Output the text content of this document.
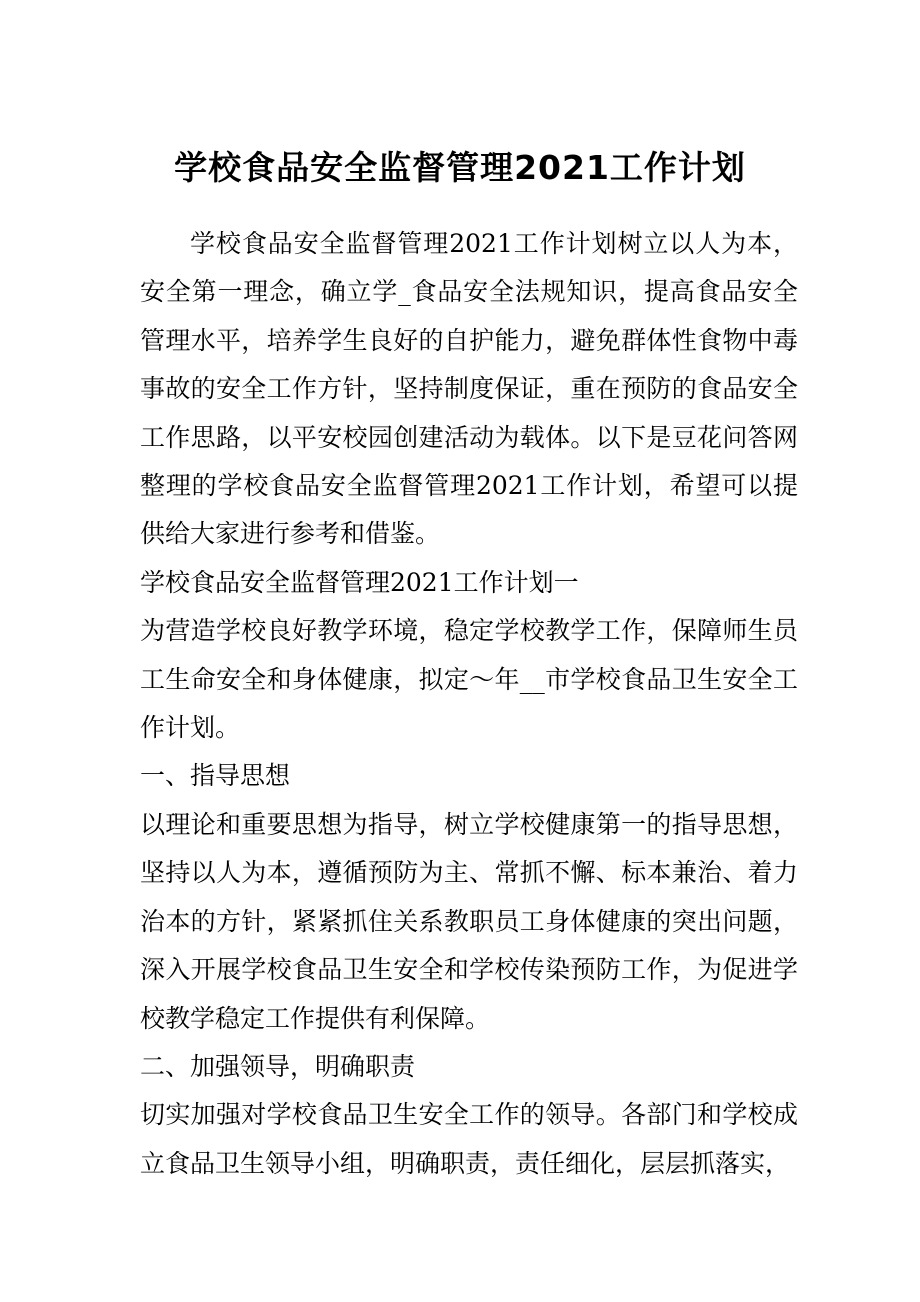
学校食品安全监督管理2021工作计划

学校食品安全监督管理2021工作计划树立以人为本，安全第一理念，确立学_食品安全法规知识，提高食品安全管理水平，培养学生良好的自护能力，避免群体性食物中毒事故的安全工作方针，坚持制度保证，重在预防的食品安全工作思路，以平安校园创建活动为载体。以下是豆花问答网整理的学校食品安全监督管理2021工作计划，希望可以提供给大家进行参考和借鉴。

学校食品安全监督管理2021工作计划一

为营造学校良好教学环境，稳定学校教学工作，保障师生员工生命安全和身体健康，拟定～年__市学校食品卫生安全工作计划。

一、指导思想

以理论和重要思想为指导，树立学校健康第一的指导思想，坚持以人为本，遵循预防为主、常抓不懈、标本兼治、着力治本的方针，紧紧抓住关系教职员工身体健康的突出问题，深入开展学校食品卫生安全和学校传染预防工作，为促进学校教学稳定工作提供有利保障。

二、加强领导，明确职责

切实加强对学校食品卫生安全工作的领导。各部门和学校成立食品卫生领导小组，明确职责，责任细化，层层抓落实，
